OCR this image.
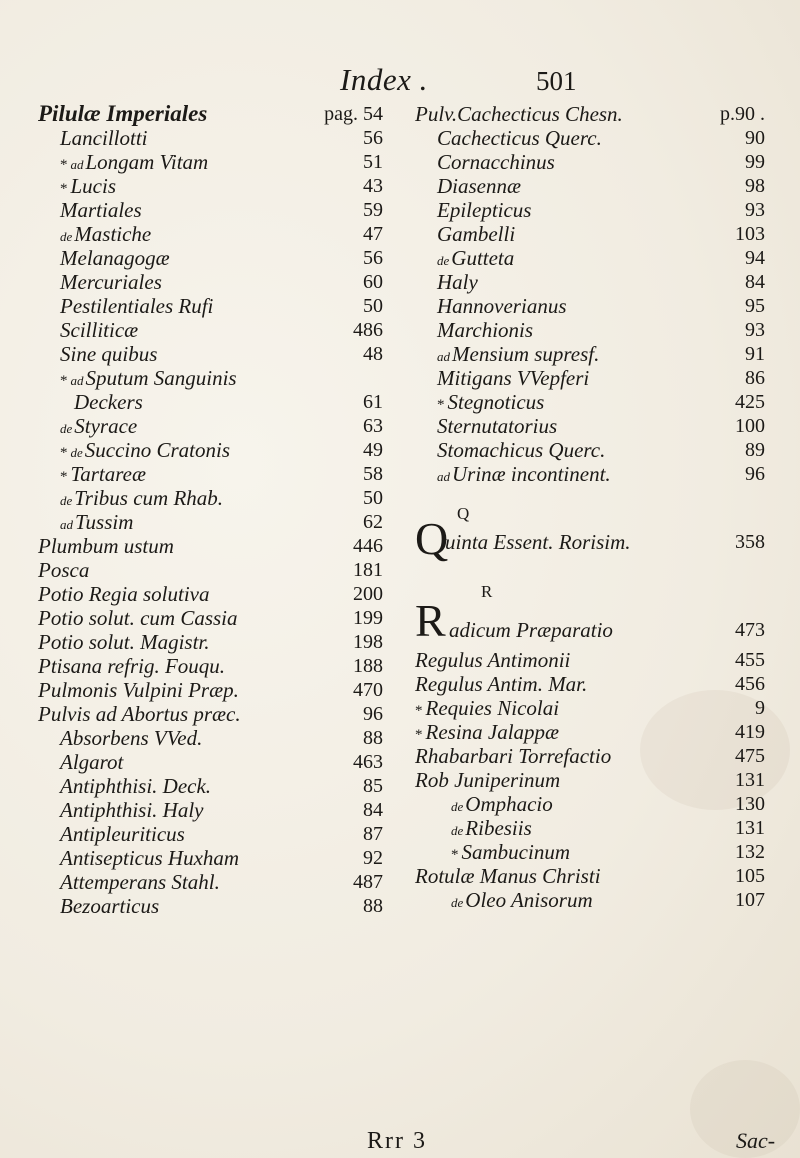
Index .	501
Pilulæ Imperiales	pag. 54
Lancillotti	56
* adLongam Vitam	51
* Lucis	43
Martiales	59
deMastiche	47
Melanagogæ	56
Mercuriales	60
Pestilentiales Rufi	50
Scilliticæ	486
Sine quibus	48
* adSputum Sanguinis
Deckers	61
deStyrace	63
* deSuccino Cratonis	49
* Tartareæ	58
deTribus cum Rhab.	50
adTussim	62
Plumbum ustum	446
Posca	181
Potio Regia solutiva	200
Potio solut. cum Cassia	199
Potio solut. Magistr.	198
Ptisana refrig. Fouqu.	188
Pulmonis Vulpini Præp.	470
Pulvis ad Abortus præc.	96
Absorbens VVed.	88
Algarot	463
Antiphthisi. Deck.	85
Antiphthisi. Haly	84
Antipleuriticus	87
Antisepticus Huxham	92
Attemperans Stahl.	487
Bezoarticus	88
Pulv.Cachecticus Chesn.	p.90 .
Cachecticus Querc.	90
Cornacchinus	99
Diasennæ	98
Epilepticus	93
Gambelli	103
deGutteta	94
Haly	84
Hannoverianus	95
Marchionis	93
adMensium supresf.	91
Mitigans VVepferi	86
* Stegnoticus	425
Sternutatorius	100
Stomachicus Querc.	89
adUrinæ incontinent.	96
Q
Q
uinta Essent. Rorisim.	358
R
R adicum Præparatio	473
Regulus Antimonii	455
Regulus Antim. Mar.	456
* Requies Nicolai	9
* Resina Jalappæ	419
Rhabarbari Torrefactio	475
Rob Juniperinum	131
deOmphacio	130
deRibesiis	131
* Sambucinum	132
Rotulæ Manus Christi	105
deOleo Anisorum	107
Rrr 3	Sac-
